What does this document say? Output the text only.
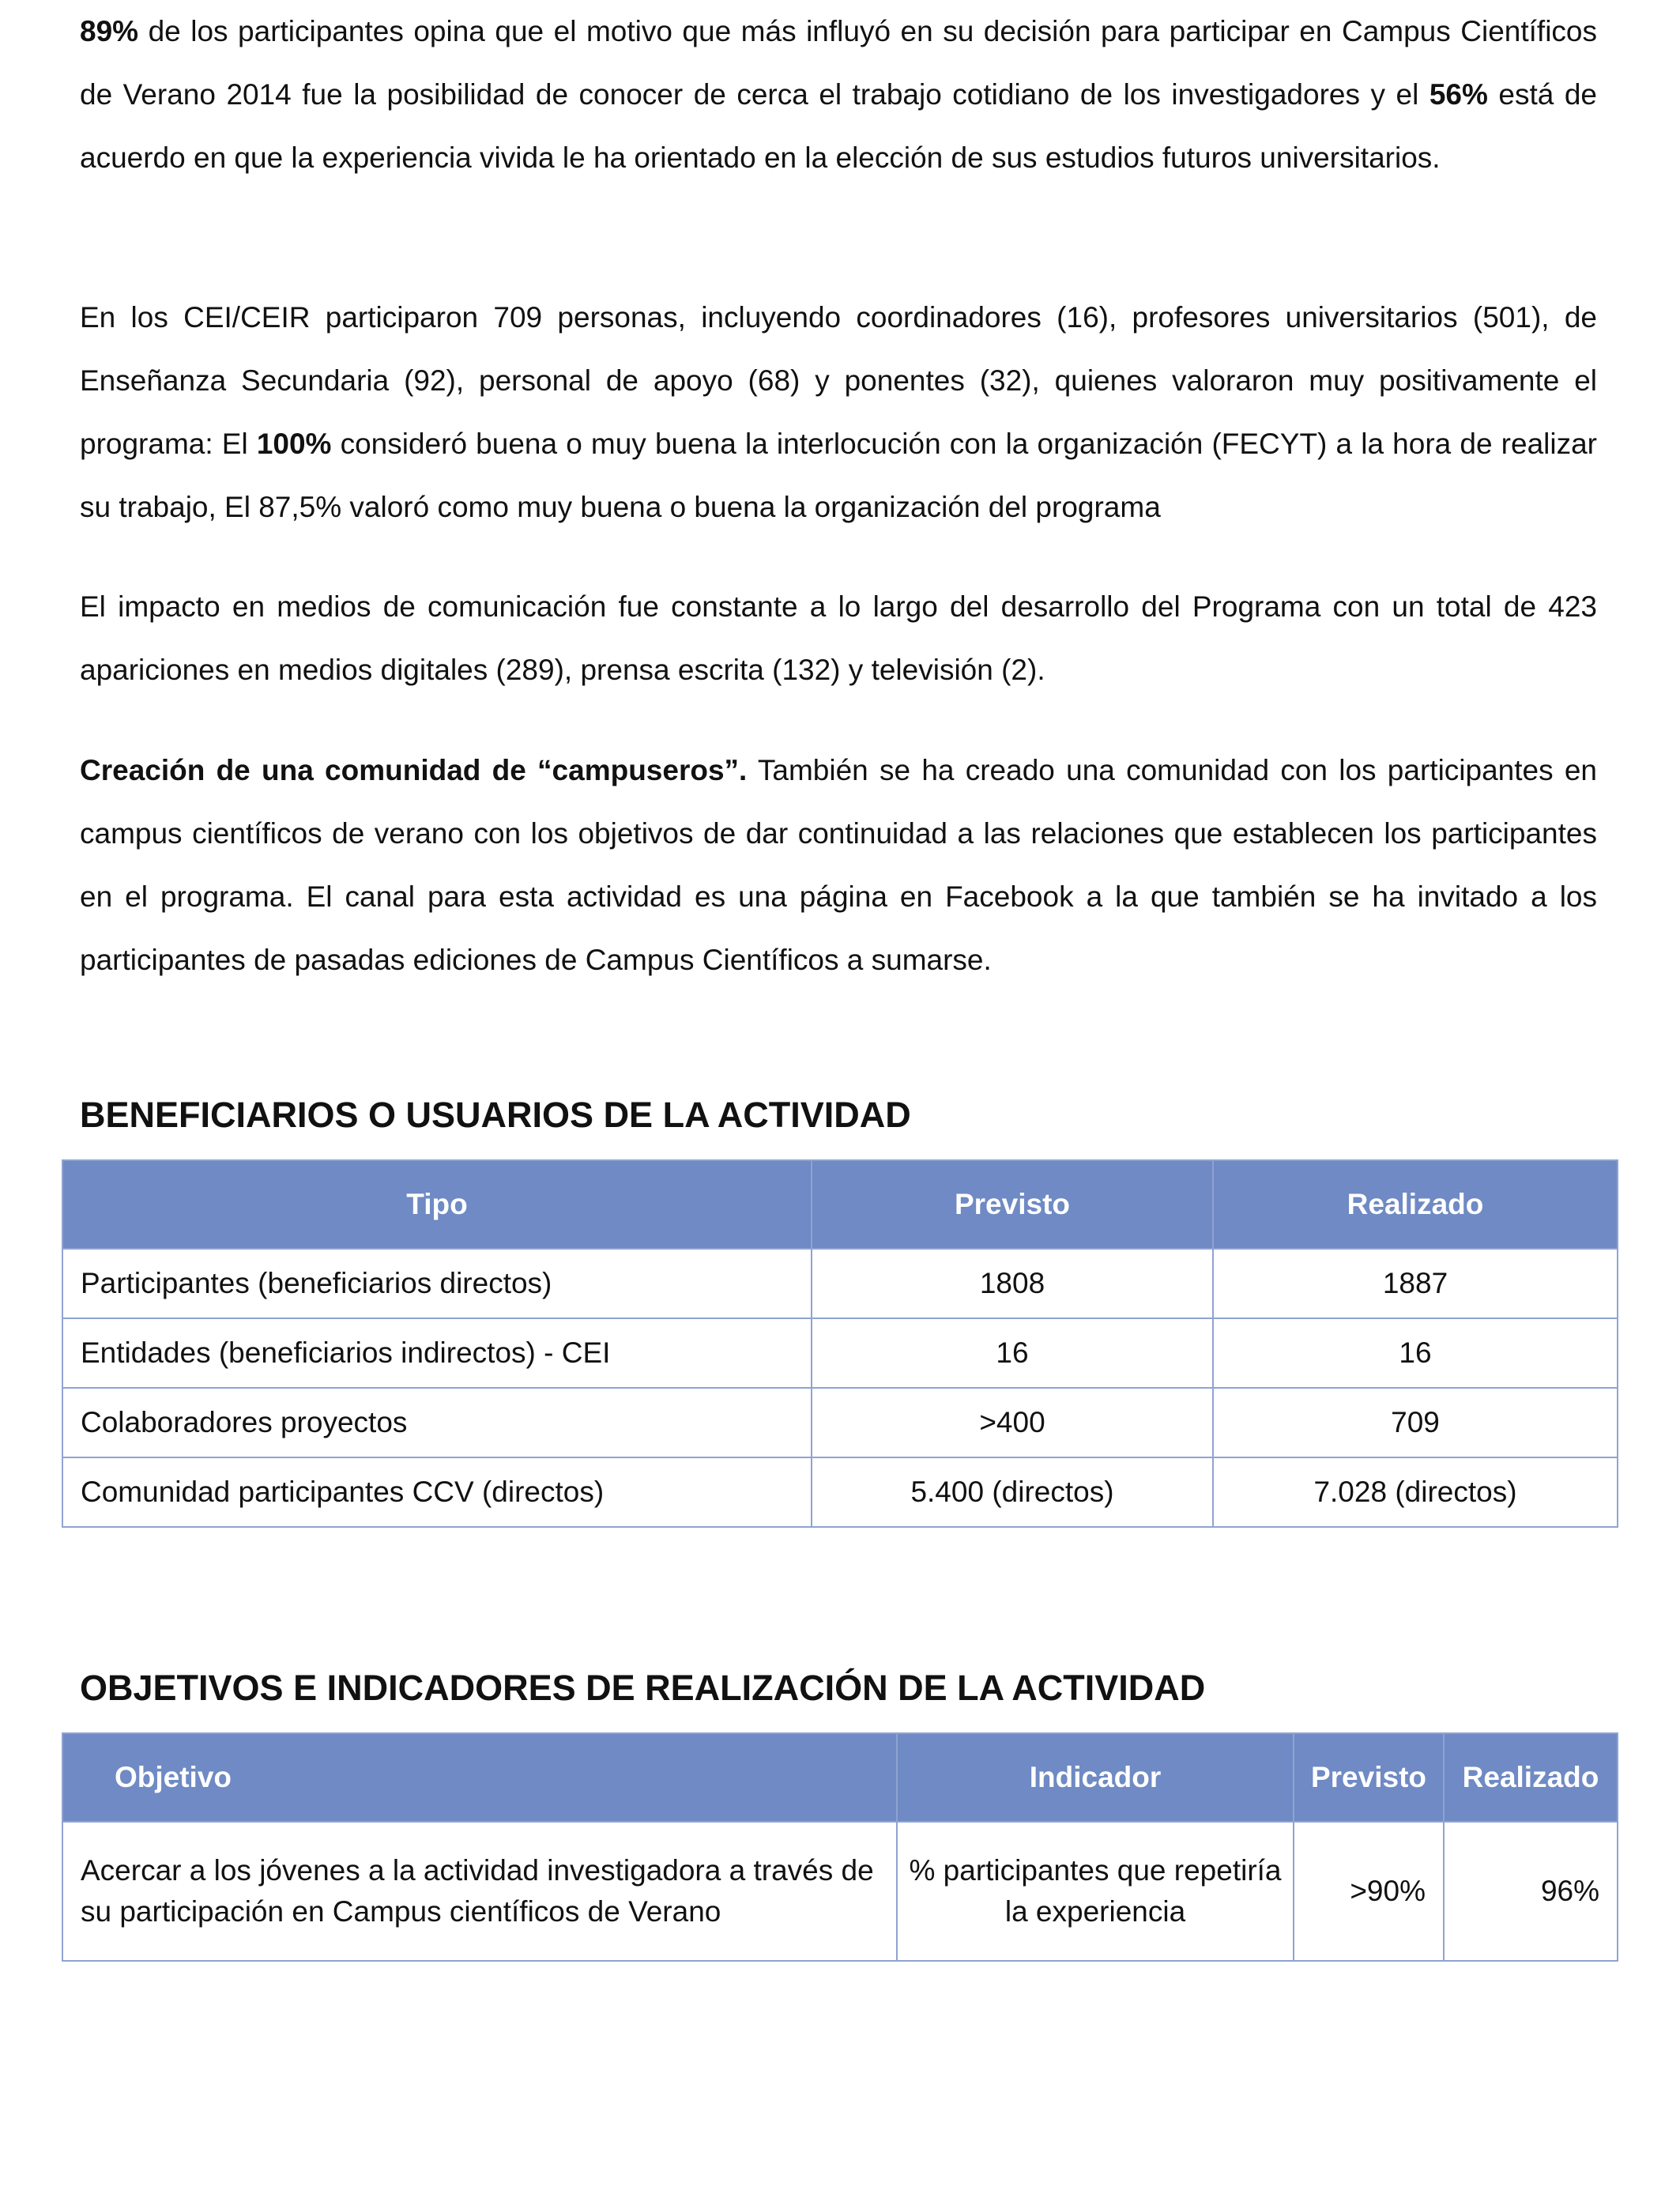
89% de los participantes opina que el motivo que más influyó en su decisión para participar en Campus Científicos de Verano 2014 fue la posibilidad de conocer de cerca el trabajo cotidiano de los investigadores y el 56% está de acuerdo en que la experiencia vivida le ha orientado en la elección de sus estudios futuros universitarios.

En los CEI/CEIR participaron 709 personas, incluyendo coordinadores (16), profesores universitarios (501), de Enseñanza Secundaria (92), personal de apoyo (68) y ponentes (32), quienes valoraron muy positivamente el programa: El 100% consideró buena o muy buena la interlocución con la organización (FECYT) a la hora de realizar su trabajo, El 87,5% valoró como muy buena o buena la organización del programa

El impacto en medios de comunicación fue constante a lo largo del desarrollo del Programa con un total de 423 apariciones en medios digitales (289), prensa escrita (132) y televisión (2).

Creación de una comunidad de “campuseros”. También se ha creado una comunidad con los participantes en campus científicos de verano con los objetivos de dar continuidad a las relaciones que establecen los participantes en el programa. El canal para esta actividad es una página en Facebook a la que también se ha invitado a los participantes de pasadas ediciones de Campus Científicos a sumarse.

BENEFICIARIOS O USUARIOS DE LA ACTIVIDAD
Tipo	Previsto	Realizado
Participantes (beneficiarios directos)	1808	1887
Entidades (beneficiarios indirectos) - CEI	16	16
Colaboradores proyectos	>400	709
Comunidad participantes CCV (directos)	5.400 (directos)	7.028 (directos)
OBJETIVOS E INDICADORES DE REALIZACIÓN DE LA ACTIVIDAD
Objetivo	Indicador	Previsto	Realizado
Acercar a los jóvenes a la actividad investigadora a través de su participación en Campus científicos de Verano	% participantes que repetiría la experiencia	>90%	96%
